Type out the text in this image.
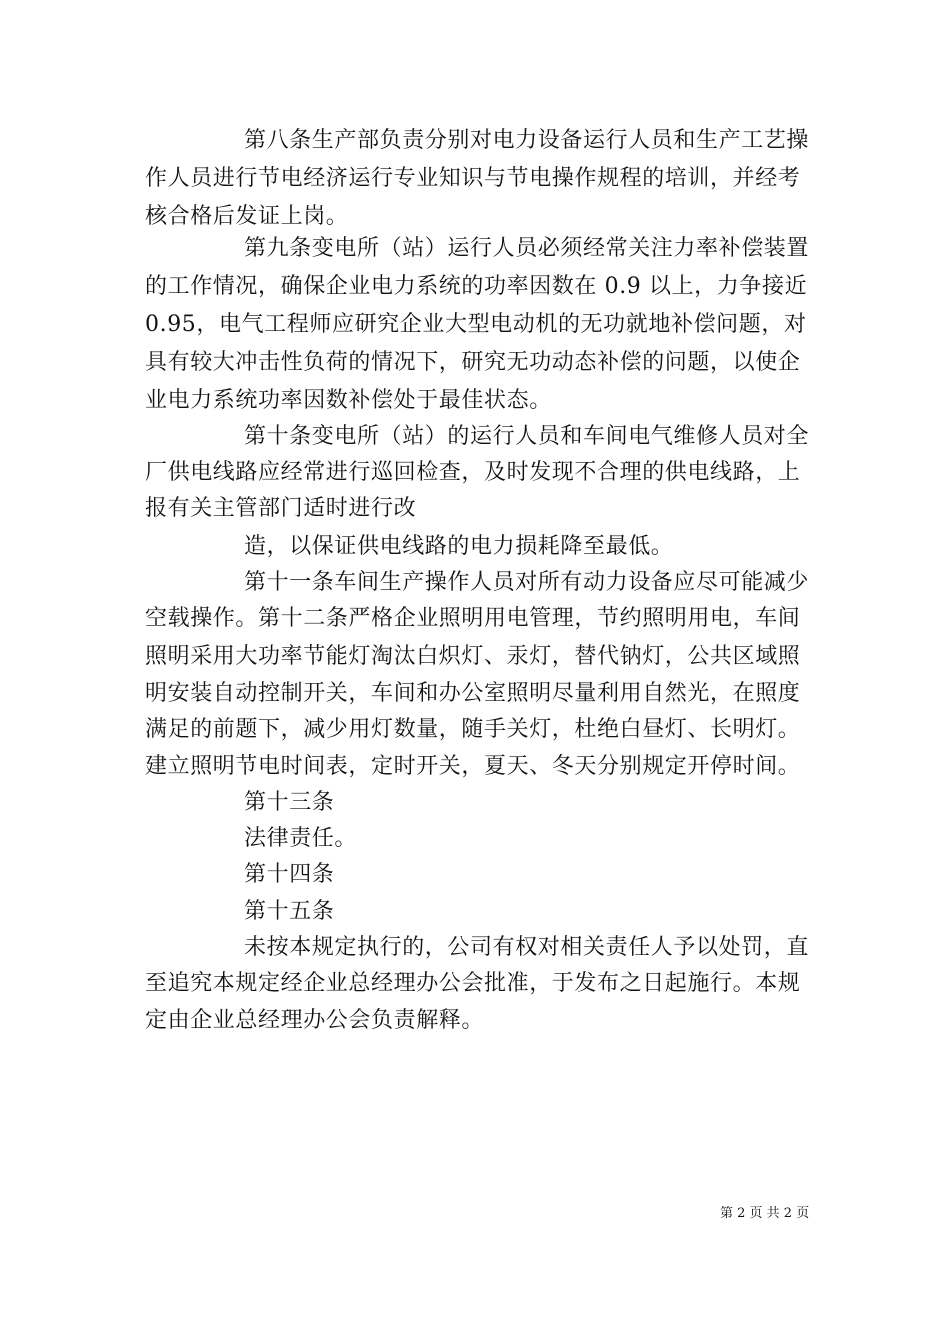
第八条生产部负责分别对电力设备运行人员和生产工艺操
作人员进行节电经济运行专业知识与节电操作规程的培训，并经考
核合格后发证上岗。
第九条变电所（站）运行人员必须经常关注力率补偿装置
的工作情况，确保企业电力系统的功率因数在 0.9 以上，力争接近
0.95，电气工程师应研究企业大型电动机的无功就地补偿问题，对
具有较大冲击性负荷的情况下，研究无功动态补偿的问题，以使企
业电力系统功率因数补偿处于最佳状态。
第十条变电所（站）的运行人员和车间电气维修人员对全
厂供电线路应经常进行巡回检查，及时发现不合理的供电线路，上
报有关主管部门适时进行改
造，以保证供电线路的电力损耗降至最低。
第十一条车间生产操作人员对所有动力设备应尽可能减少
空载操作。第十二条严格企业照明用电管理，节约照明用电，车间
照明采用大功率节能灯淘汰白炽灯、汞灯，替代钠灯，公共区域照
明安装自动控制开关，车间和办公室照明尽量利用自然光，在照度
满足的前题下，减少用灯数量，随手关灯，杜绝白昼灯、长明灯。
建立照明节电时间表，定时开关，夏天、冬天分别规定开停时间。
第十三条
法律责任。
第十四条
第十五条
未按本规定执行的，公司有权对相关责任人予以处罚，直
至追究本规定经企业总经理办公会批准，于发布之日起施行。本规
定由企业总经理办公会负责解释。
第 2 页 共 2 页
